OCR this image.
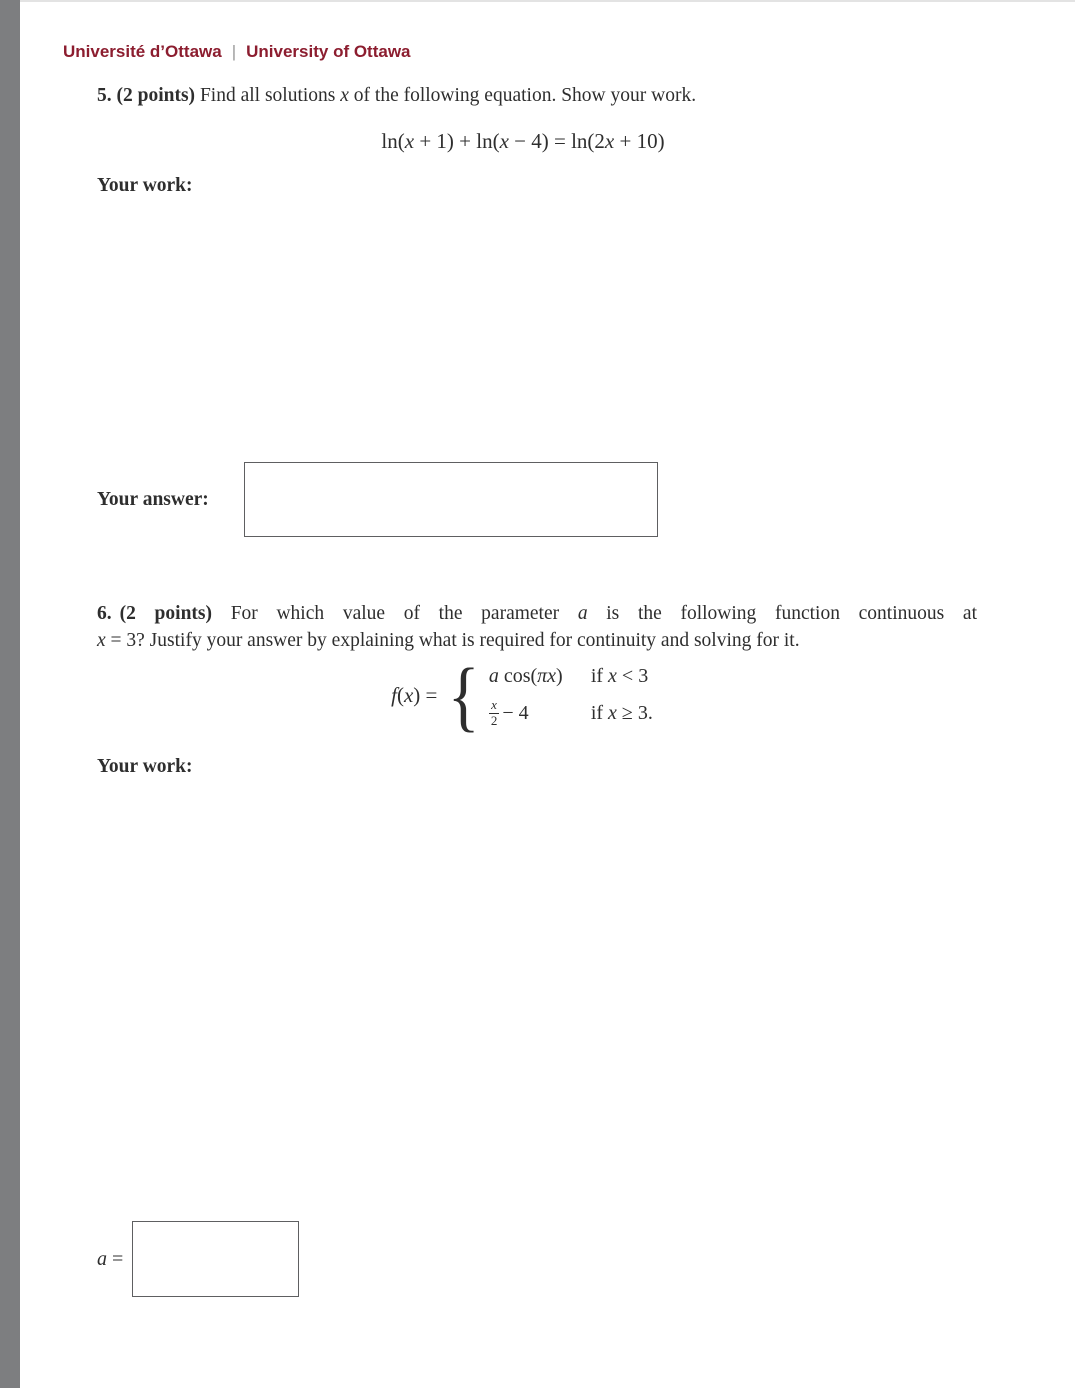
Université d’Ottawa | University of Ottawa
5. (2 points) Find all solutions x of the following equation. Show your work.
ln(x + 1) + ln(x − 4) = ln(2x + 10)
Your work:
Your answer:
6. (2 points) For which value of the parameter a is the following function continuous at
x = 3? Justify your answer by explaining what is required for continuity and solving for it.
f(x) = { a cos(πx) if x < 3
$\frac{x}{2} - 4$	if x ≥ 3.
Your work:
a =
